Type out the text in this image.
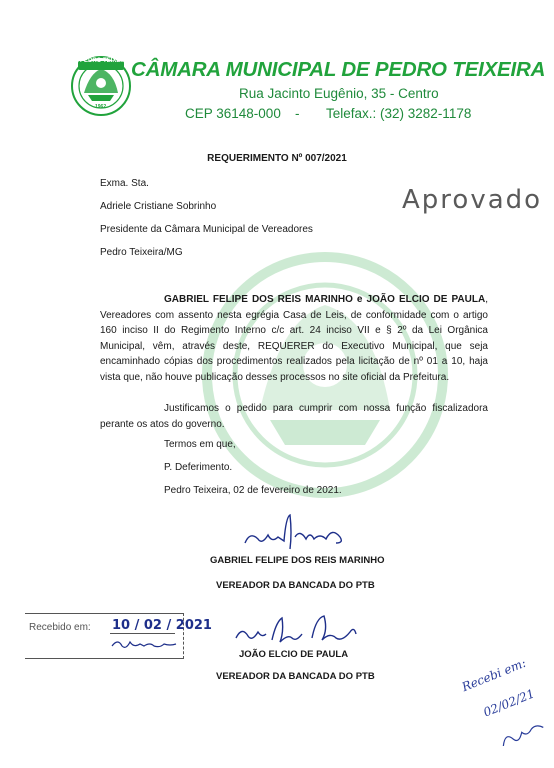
PEDRO TEIXEIRA
1962
CÂMARA MUNICIPAL DE PEDRO TEIXEIRA
Rua Jacinto Eugênio, 35 - Centro
CEP 36148-000 - Telefax.: (32) 3282-1178
REQUERIMENTO Nº 007/2021
Exma. Sta.
Adriele Cristiane Sobrinho
Presidente da Câmara Municipal de Vereadores
Pedro Teixeira/MG
Aprovado
GABRIEL FELIPE DOS REIS MARINHO e JOÃO ELCIO DE PAULA, Vereadores com assento nesta egrégia Casa de Leis, de conformidade com o artigo 160 inciso II do Regimento Interno c/c art. 24 inciso VII e § 2º da Lei Orgânica Municipal, vêm, através deste, REQUERER do Executivo Municipal, que seja encaminhado cópias dos procedimentos realizados pela licitação de nº 01 a 10, haja vista que, não houve publicação desses processos no site oficial da Prefeitura.
Justificamos o pedido para cumprir com nossa função fiscalizadora perante os atos do governo.
Termos em que,
P. Deferimento.
Pedro Teixeira, 02 de fevereiro de 2021.
GABRIEL FELIPE DOS REIS MARINHO
VEREADOR DA BANCADA DO PTB
Recebido em: 10 / 02 / 2021
JOÃO ELCIO DE PAULA
VEREADOR DA BANCADA DO PTB	Recebi em:
02/02/21
